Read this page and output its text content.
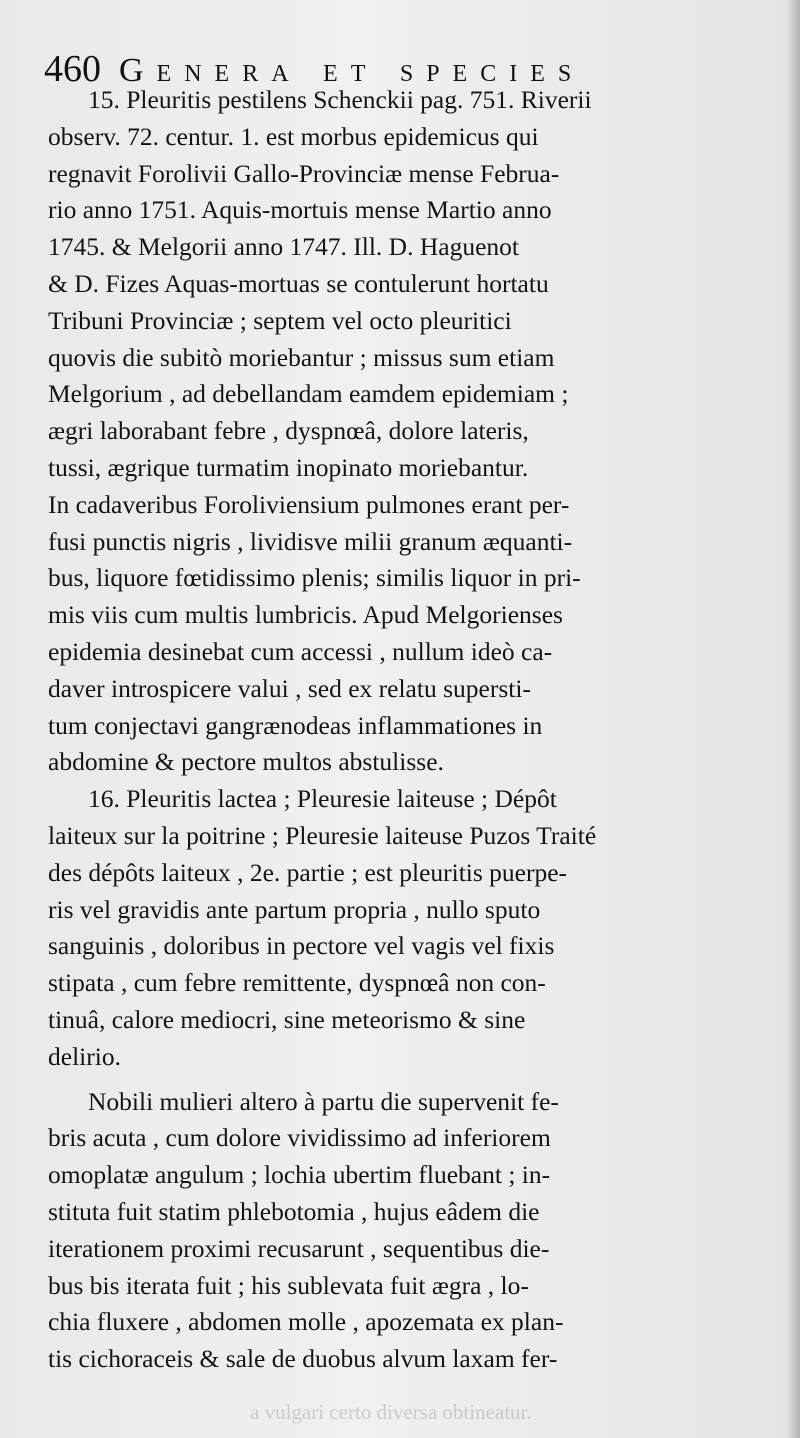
460 Genera et species
15. Pleuritis pestilens Schenckii pag. 751. Riverii
observ. 72. centur. 1. est morbus epidemicus qui
regnavit Forolivii Gallo-Provinciæ mense Februa-
rio anno 1751. Aquis-mortuis mense Martio anno
1745. & Melgorii anno 1747. Ill. D. Haguenot
& D. Fizes Aquas-mortuas se contulerunt hortatu
Tribuni Provinciæ ; septem vel octo pleuritici
quovis die subitò moriebantur ; missus sum etiam
Melgorium , ad debellandam eamdem epidemiam ;
ægri laborabant febre , dyspnœâ, dolore lateris,
tussi, ægrique turmatim inopinato moriebantur.
In cadaveribus Foroliviensium pulmones erant per-
fusi punctis nigris , lividisve milii granum æquanti-
bus, liquore fœtidissimo plenis; similis liquor in pri-
mis viis cum multis lumbricis. Apud Melgorienses
epidemia desinebat cum accessi , nullum ideò ca-
daver introspicere valui , sed ex relatu supersti-
tum conjectavi gangrænodeas inflammationes in
abdomine & pectore multos abstulisse.
16. Pleuritis lactea ; Pleuresie laiteuse ; Dépôt
laiteux sur la poitrine ; Pleuresie laiteuse Puzos Traité
des dépôts laiteux , 2e. partie ; est pleuritis puerpe-
ris vel gravidis ante partum propria , nullo sputo
sanguinis , doloribus in pectore vel vagis vel fixis
stipata , cum febre remittente, dyspnœâ non con-
tinuâ, calore mediocri, sine meteorismo & sine
delirio.
Nobili mulieri altero à partu die supervenit fe-
bris acuta , cum dolore vividissimo ad inferiorem
omoplatæ angulum ; lochia ubertim fluebant ; in-
stituta fuit statim phlebotomia , hujus eâdem die
iterationem proximi recusarunt , sequentibus die-
bus bis iterata fuit ; his sublevata fuit ægra , lo-
chia fluxere , abdomen molle , apozemata ex plan-
tis cichoraceis & sale de duobus alvum laxam fer-
a vulgari certo diversa obtineatur.
